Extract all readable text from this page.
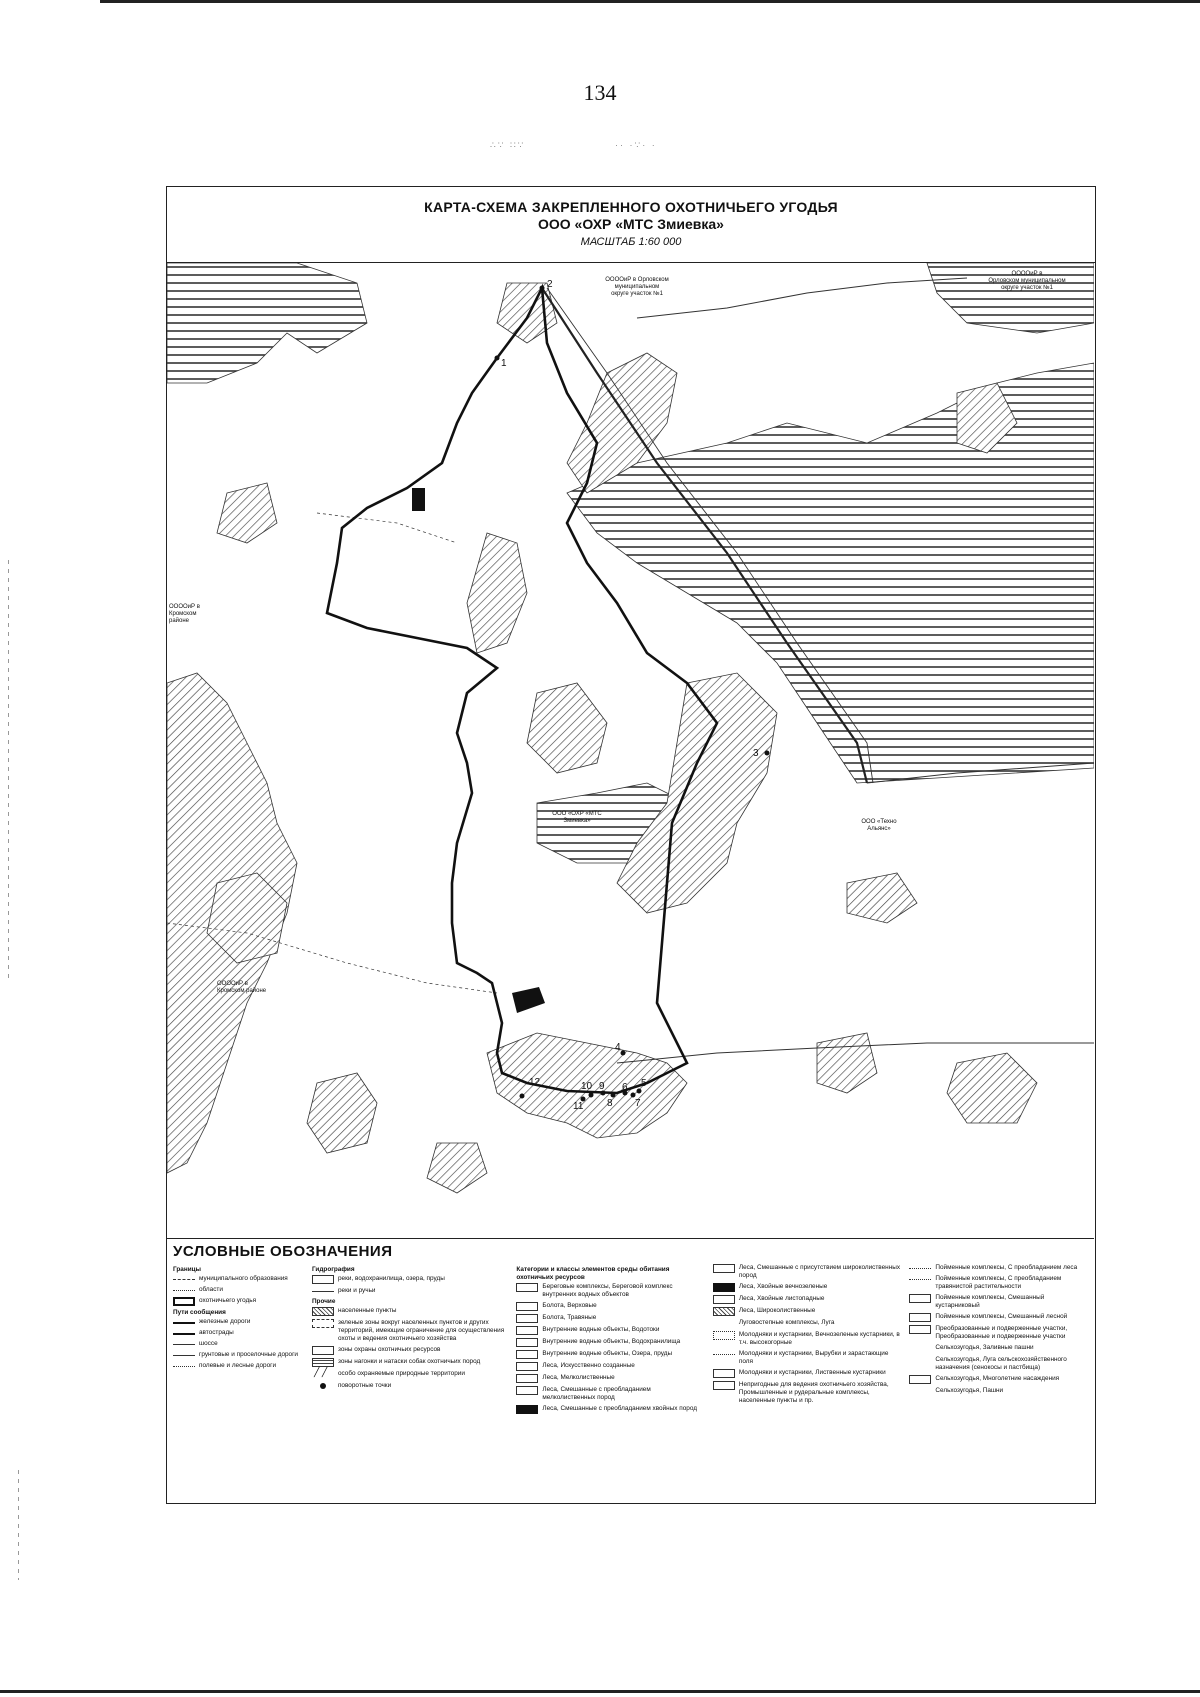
134
∴∵ ∷∵	·· ·∵· ·
КАРТА-СХЕМА ЗАКРЕПЛЕННОГО ОХОТНИЧЬЕГО УГОДЬЯ
ООО «ОХР «МТС Змиевка»
МАСШТАБ 1:60 000
ООООиР в Орловском
муниципальном
округе участок №1
ООООиР в
Орловском муниципальном
округе участок №1
ООООиР в
Кромском
районе
ООООиР в
Кромском районе
ООО «ОХР «МТС
Змиевка»	ООО «Техно
Альянс»
1
2
3
4
5
6
7
8
9
10
11
12
УСЛОВНЫЕ ОБОЗНАЧЕНИЯ
Границы
муниципального образования
области
охотничьего угодья
Пути сообщения
железные дороги
автострады
шоссе
грунтовые и проселочные дороги
полевые и лесные дороги
Гидрография
реки, водохранилища, озера, пруды
реки и ручьи
Прочие
населенные пункты
зеленые зоны вокруг населенных пунктов и других территорий, имеющие ограничение для осуществления охоты и ведения охотничьего хозяйства
зоны охраны охотничьих ресурсов
зоны нагонки и натаски собак охотничьих пород
╱ ╱
особо охраняемые природные территории
поворотные точки
Категории и классы элементов среды обитания охотничьих ресурсов
Береговые комплексы, Береговой комплекс внутренних водных объектов
Болота, Верховые
Болота, Травяные
Внутренние водные объекты, Водотоки
Внутренние водные объекты, Водохранилища
Внутренние водные объекты, Озера, пруды
Леса, Искусственно созданные
Леса, Мелколиственные
Леса, Смешанные с преобладанием мелколиственных пород
Леса, Смешанные с преобладанием хвойных пород
Леса, Смешанные с присутствием широколиственных пород
Леса, Хвойные вечнозеленые
Леса, Хвойные листопадные
Леса, Широколиственные
Луговостепные комплексы, Луга
Молодняки и кустарники, Вечнозеленые кустарники, в т.ч. высокогорные
Молодняки и кустарники, Вырубки и зарастающие поля
Молодняки и кустарники, Лиственные кустарники
Непригодные для ведения охотничьего хозяйства, Промышленные и рудеральные комплексы, населенные пункты и пр.
Пойменные комплексы, С преобладанием леса
Пойменные комплексы, С преобладанием травянистой растительности
Пойменные комплексы, Смешанный кустарниковый
Пойменные комплексы, Смешанный лесной
Преобразованные и подверженные участки, Преобразованные и подверженные участки
Сельхозугодья, Заливные пашни
Сельхозугодья, Луга сельскохозяйственного назначения (сенокосы и пастбища)
Сельхозугодья, Многолетние насаждения
Сельхозугодья, Пашни
